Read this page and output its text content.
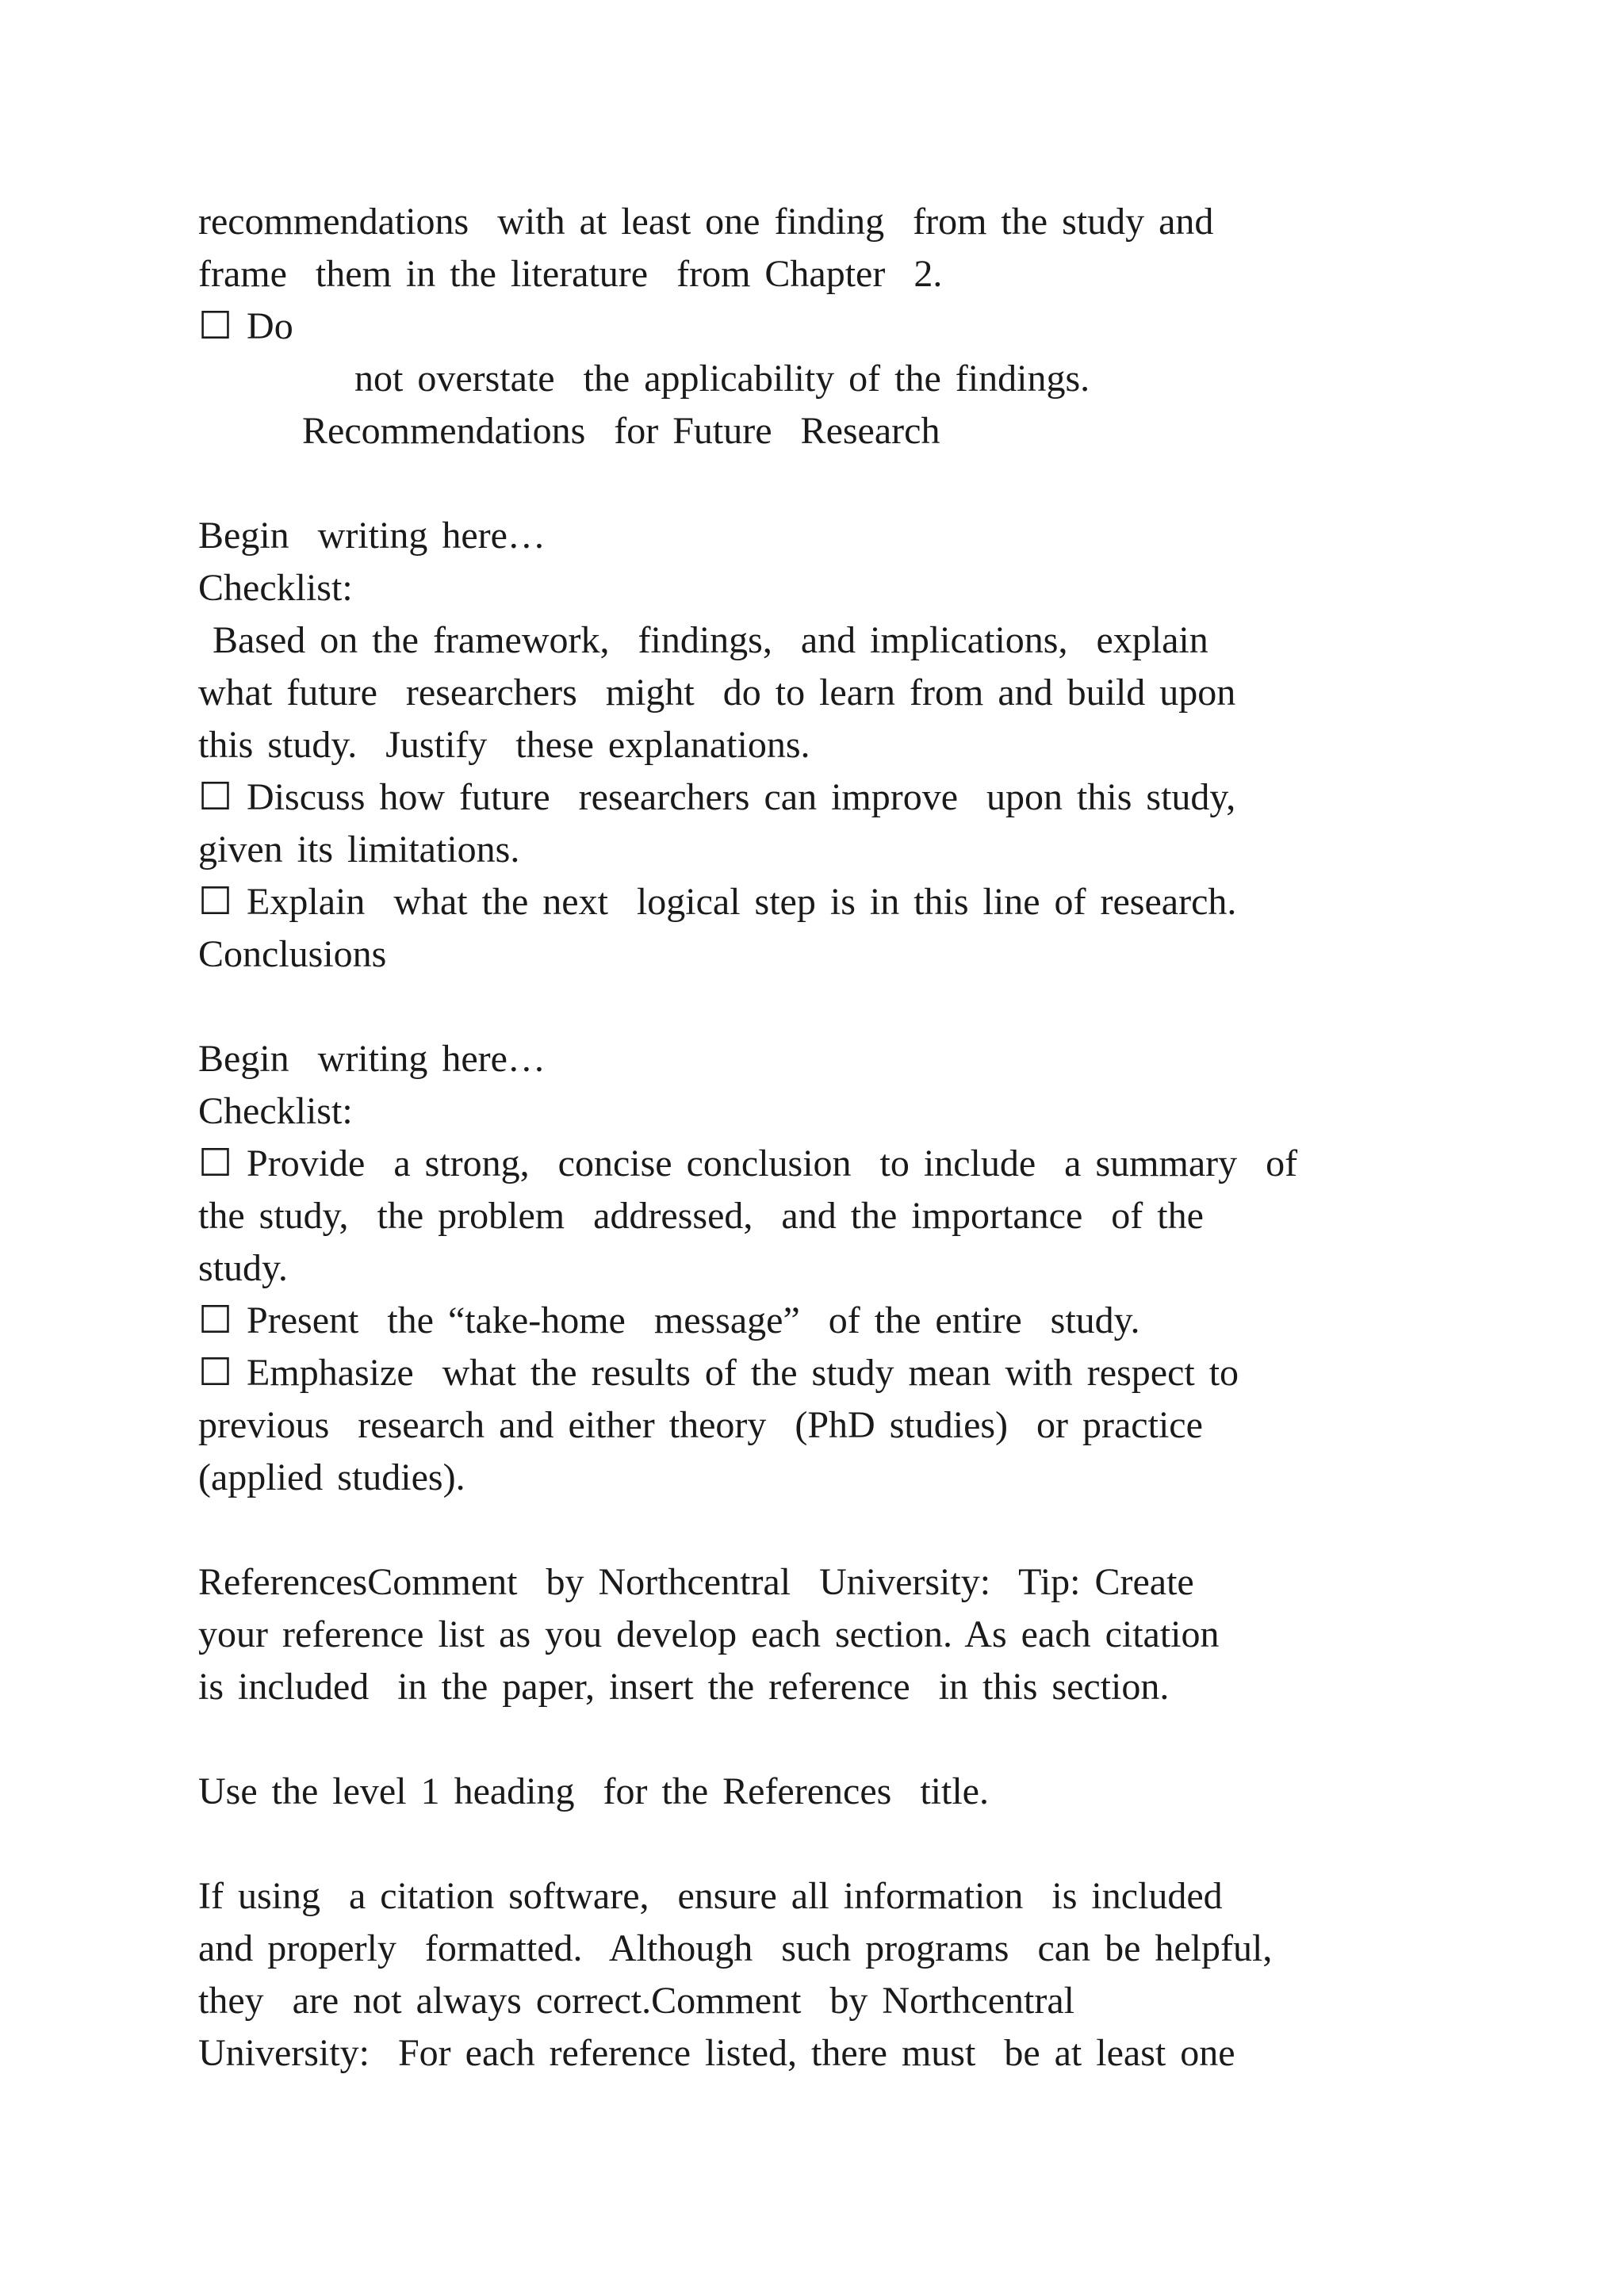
recommendations  with at least one finding  from the study and

frame  them in the literature  from Chapter  2.

☐ Do

not overstate  the applicability of the findings.

Recommendations  for Future  Research

Begin  writing here…

Checklist:

Based on the framework,  findings,  and implications,  explain

what future  researchers  might  do to learn from and build upon

this study.  Justify  these explanations.

☐ Discuss how future  researchers can improve  upon this study,

given its limitations.

☐ Explain  what the next  logical step is in this line of research.

Conclusions

Begin  writing here…

Checklist:

☐ Provide  a strong,  concise conclusion  to include  a summary  of

the study,  the problem  addressed,  and the importance  of the

study.

☐ Present  the “take-home  message”  of the entire  study.

☐ Emphasize  what the results of the study mean with respect to

previous  research and either theory  (PhD studies)  or practice

(applied studies).

ReferencesComment  by Northcentral  University:  Tip: Create

your reference list as you develop each section. As each citation

is included  in the paper, insert the reference  in this section.

Use the level 1 heading  for the References  title.

If using  a citation software,  ensure all information  is included

and properly  formatted.  Although  such programs  can be helpful,

they  are not always correct.Comment  by Northcentral

University:  For each reference listed, there must  be at least one
